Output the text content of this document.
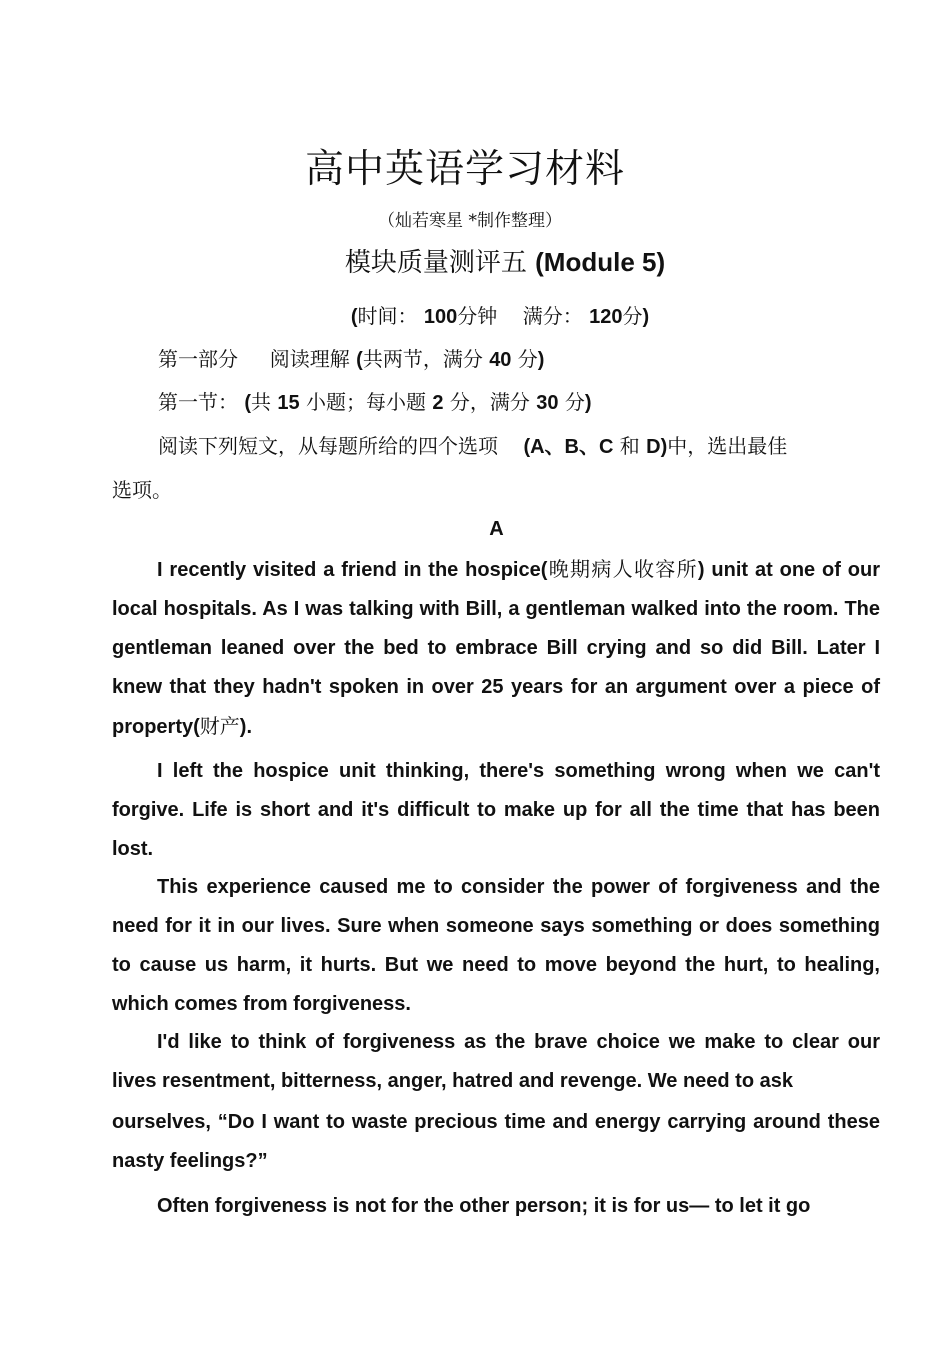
高中英语学习材料
（灿若寒星 *制作整理）
模块质量测评五 (Module 5)
(时间： 100分钟 满分： 120分)
第一部分 阅读理解 (共两节，满分 40 分)
第一节： (共 15 小题；每小题 2 分，满分 30 分)
阅读下列短文，从每题所给的四个选项 (A、B、C 和 D)中，选出最佳
选项。
A

I recently visited a friend in the hospice(晚期病人收容所) unit at one of our local hospitals. As I was talking with Bill, a gentleman walked into the room. The gentleman leaned over the bed to embrace Bill crying and so did Bill. Later I knew that they hadn't spoken in over 25 years for an argument over a piece of property(财产).

I left the hospice unit thinking, there's something wrong when we can't forgive. Life is short and it's difficult to make up for all the time that has been lost.

This experience caused me to consider the power of forgiveness and the need for it in our lives. Sure when someone says something or does something to cause us harm, it hurts. But we need to move beyond the hurt, to healing, which comes from forgiveness.

I'd like to think of forgiveness as the brave choice we make to clear our lives resentment, bitterness, anger, hatred and revenge. We need to ask

ourselves, “Do I want to waste precious time and energy carrying around these nasty feelings?”

Often forgiveness is not for the other person; it is for us— to let it go
